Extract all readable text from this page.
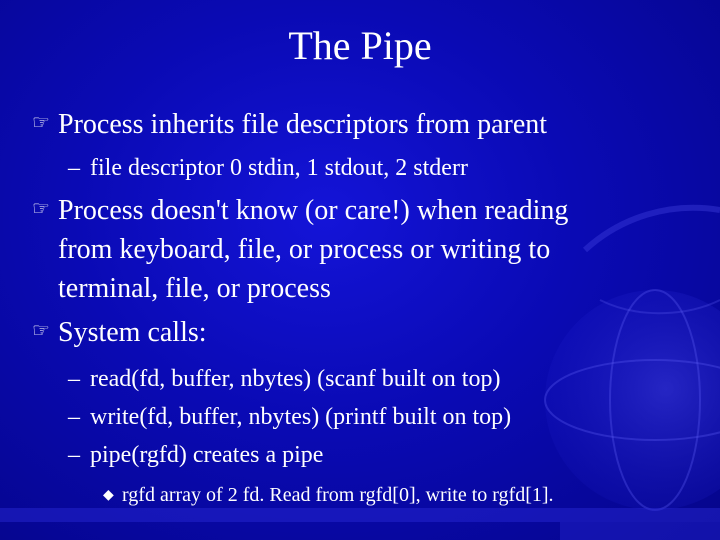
The Pipe
☞ Process inherits file descriptors from parent
– file descriptor 0 stdin, 1 stdout, 2 stderr
☞ Process doesn't know (or care!) when reading
from keyboard, file, or process or writing to
terminal, file, or process
☞ System calls:
– read(fd, buffer, nbytes) (scanf built on top)
– write(fd, buffer, nbytes) (printf built on top)
– pipe(rgfd) creates a pipe
◆ rgfd array of 2 fd. Read from rgfd[0], write to rgfd[1].
